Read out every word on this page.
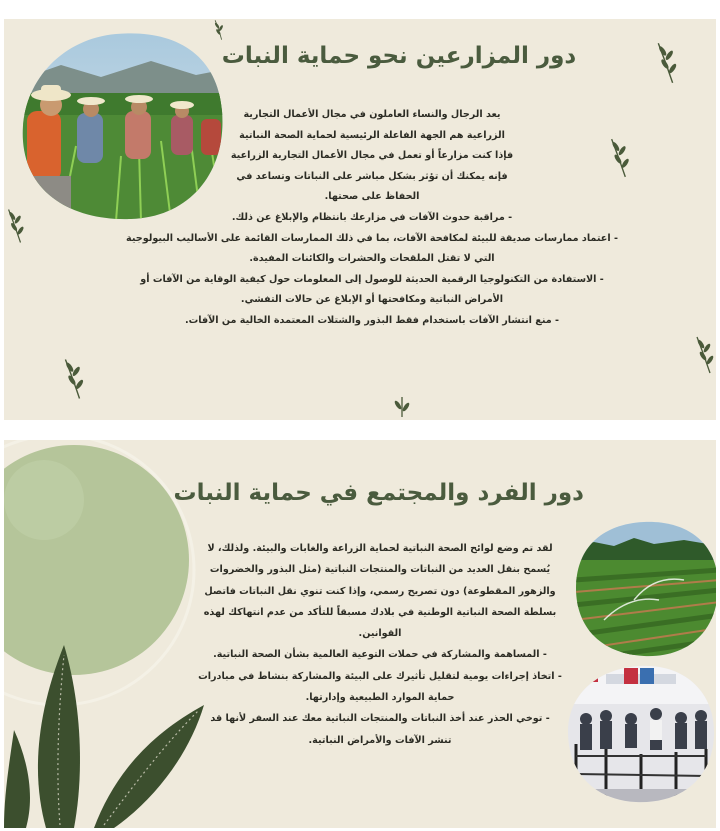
دور المزارعين نحو حماية النبات

يعد الرجال والنساء العاملون في مجال الأعمال التجارية

الزراعية هم الجهة الفاعلة الرئيسية لحماية الصحة النباتية

فإذا كنت مزارعاً أو تعمل في مجال الأعمال التجارية الزراعية

فإنه يمكنك أن تؤثر بشكل مباشر على النباتات وتساعد في

الحفاظ على صحتها.

- مراقبة حدوث الآفات في مزارعك بانتظام والإبلاغ عن ذلك.

- اعتماد ممارسات صديقة للبيئة لمكافحة الآفات، بما في ذلك الممارسات القائمة على الأساليب البيولوجية

التي لا تقتل الملقحات والحشرات والكائنات المفيدة.

- الاستفادة من التكنولوجيا الرقمية الحديثة للوصول إلى المعلومات حول كيفية الوقاية من الآفات أو

الأمراض النباتية ومكافحتها أو الإبلاغ عن حالات التفشي.

- منع انتشار الآفات باستخدام فقط البذور والشتلات المعتمدة الخالية من الآفات.

دور الفرد والمجتمع في حماية النبات

لقد تم وضع لوائح الصحة النباتية لحماية الزراعة والغابات والبيئة. ولذلك، لا

يُسمح بنقل العديد من النباتات والمنتجات النباتية (مثل البذور والخضروات

والزهور المقطوعة) دون تصريح رسمي، وإذا كنت تنوي نقل النباتات فاتصل

بسلطة الصحة النباتية الوطنية في بلادك مسبقاً للتأكد من عدم انتهاكك لهذه

القوانين.

- المساهمة والمشاركة في حملات التوعية العالمية بشأن الصحة النباتية.

- اتخاذ إجراءات يومية لتقليل تأثيرك على البيئة والمشاركة بنشاط في مبادرات

حماية الموارد الطبيعية وإدارتها.

- توخي الحذر عند أخذ النباتات والمنتجات النباتية معك عند السفر لأنها قد

تنشر الآفات والأمراض النباتية.
